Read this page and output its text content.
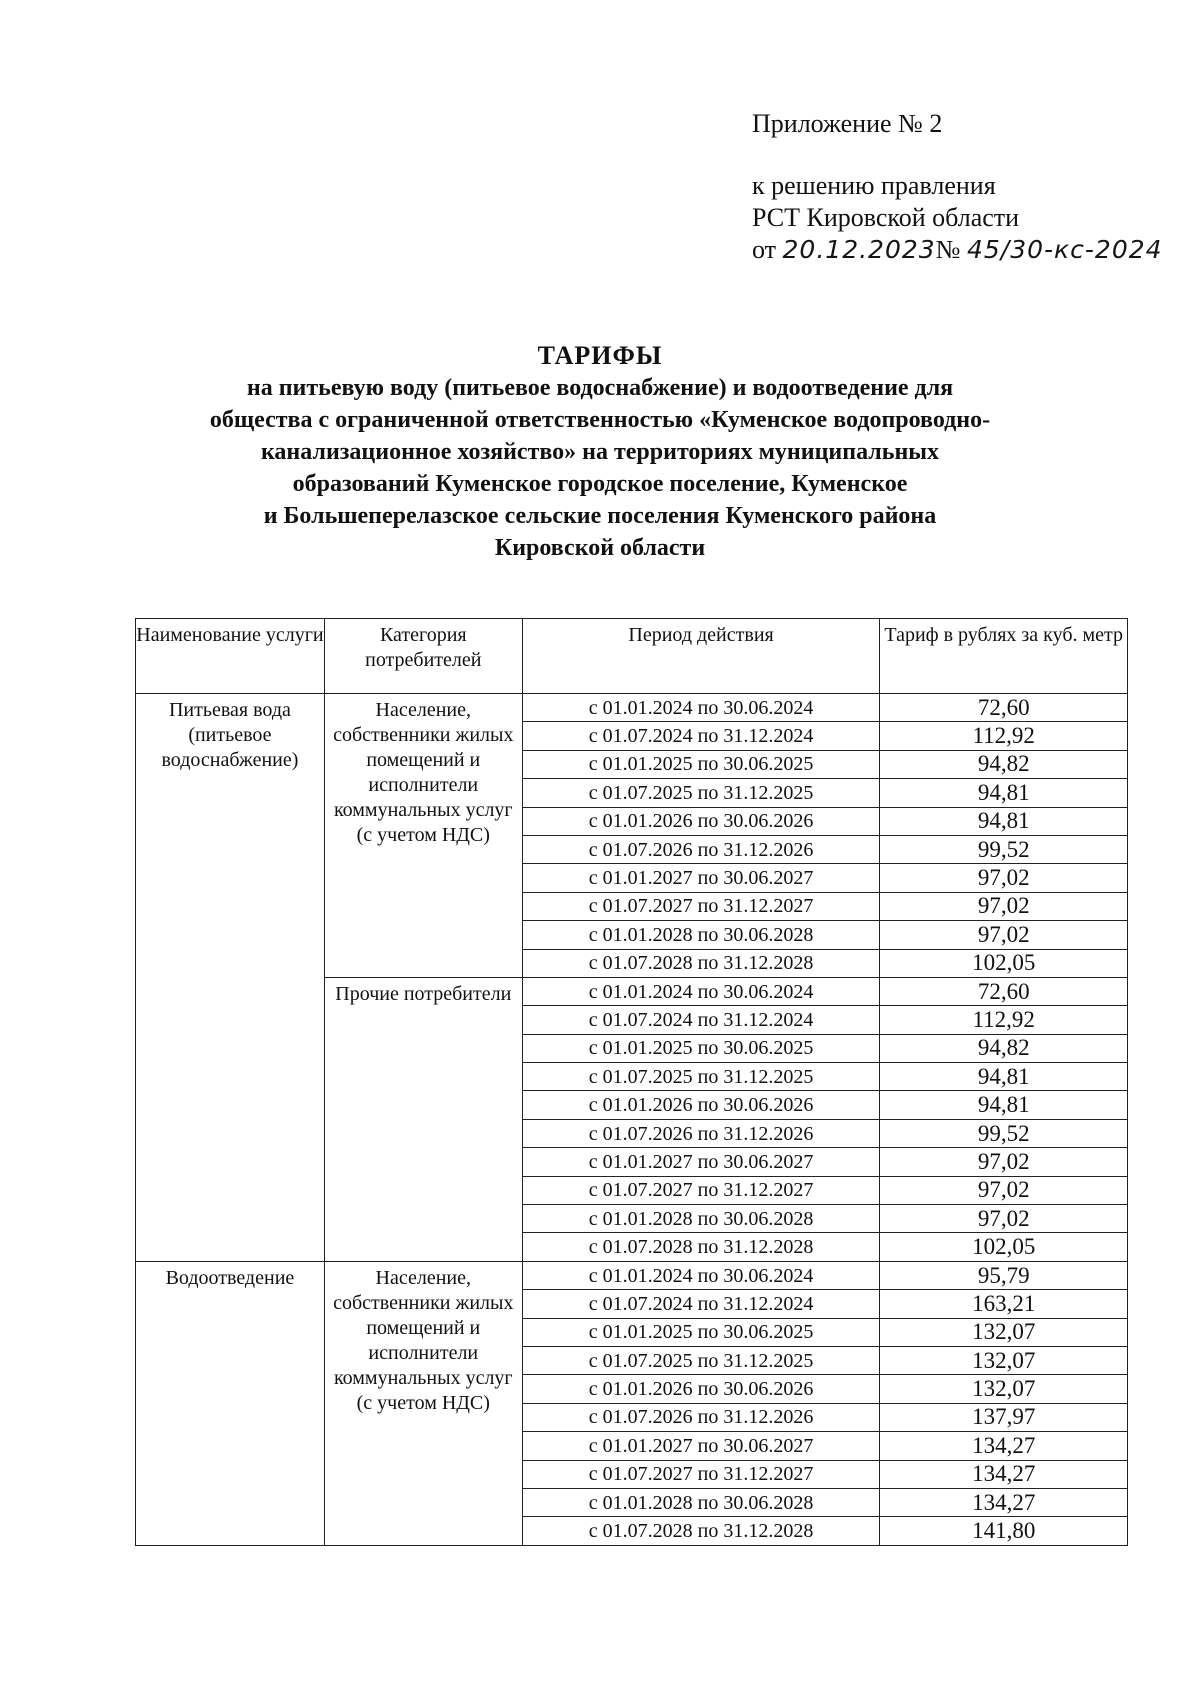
Приложение № 2
к решению правления
РСТ Кировской области
от 20.12.2023№ 45/30-кс-2024
ТАРИФЫ
на питьевую воду (питьевое водоснабжение) и водоотведение для
общества с ограниченной ответственностью «Куменское водопроводно-
канализационное хозяйство» на территориях муниципальных
образований Куменское городское поселение, Куменское
и Большеперелазское сельские поселения Куменского района
Кировской области
Наименование услуги	Категория потребителей	Период действия	Тариф в рублях за куб. метр
Питьевая вода (питьевое водоснабжение)	Население, собственники жилых помещений и исполнители коммунальных услуг (с учетом НДС)	с 01.01.2024 по 30.06.2024	72,60
		с 01.07.2024 по 31.12.2024	112,92
		с 01.01.2025 по 30.06.2025	94,82
		с 01.07.2025 по 31.12.2025	94,81
		с 01.01.2026 по 30.06.2026	94,81
		с 01.07.2026 по 31.12.2026	99,52
		с 01.01.2027 по 30.06.2027	97,02
		с 01.07.2027 по 31.12.2027	97,02
		с 01.01.2028 по 30.06.2028	97,02
		с 01.07.2028 по 31.12.2028	102,05
	Прочие потребители	с 01.01.2024 по 30.06.2024	72,60
		с 01.07.2024 по 31.12.2024	112,92
		с 01.01.2025 по 30.06.2025	94,82
		с 01.07.2025 по 31.12.2025	94,81
		с 01.01.2026 по 30.06.2026	94,81
		с 01.07.2026 по 31.12.2026	99,52
		с 01.01.2027 по 30.06.2027	97,02
		с 01.07.2027 по 31.12.2027	97,02
		с 01.01.2028 по 30.06.2028	97,02
		с 01.07.2028 по 31.12.2028	102,05
Водоотведение	Население, собственники жилых помещений и исполнители коммунальных услуг (с учетом НДС)	с 01.01.2024 по 30.06.2024	95,79
		с 01.07.2024 по 31.12.2024	163,21
		с 01.01.2025 по 30.06.2025	132,07
		с 01.07.2025 по 31.12.2025	132,07
		с 01.01.2026 по 30.06.2026	132,07
		с 01.07.2026 по 31.12.2026	137,97
		с 01.01.2027 по 30.06.2027	134,27
		с 01.07.2027 по 31.12.2027	134,27
		с 01.01.2028 по 30.06.2028	134,27
		с 01.07.2028 по 31.12.2028	141,80
